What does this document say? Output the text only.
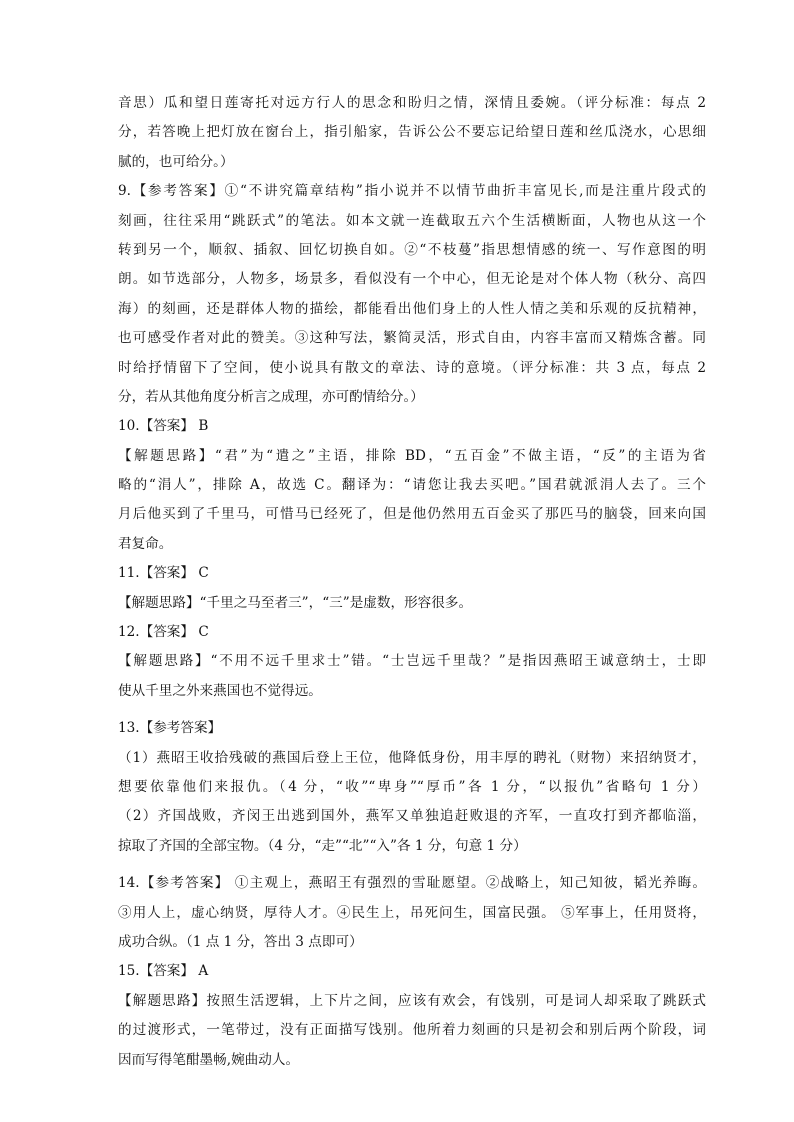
音思）瓜和望日莲寄托对远方行人的思念和盼归之情，深情且委婉。（评分标准：每点 2
分，若答晚上把灯放在窗台上，指引船家，告诉公公不要忘记给望日莲和丝瓜浇水，心思细
腻的，也可给分。）
9.【参考答案】①“不讲究篇章结构”指小说并不以情节曲折丰富见长,而是注重片段式的
刻画，往往采用“跳跃式”的笔法。如本文就一连截取五六个生活横断面，人物也从这一个
转到另一个，顺叙、插叙、回忆切换自如。②“不枝蔓”指思想情感的统一、写作意图的明
朗。如节选部分，人物多，场景多，看似没有一个中心，但无论是对个体人物（秋分、高四
海）的刻画，还是群体人物的描绘，都能看出他们身上的人性人情之美和乐观的反抗精神，
也可感受作者对此的赞美。③这种写法，繁简灵活，形式自由，内容丰富而又精炼含蓄。同
时给抒情留下了空间，使小说具有散文的章法、诗的意境。（评分标准：共 3 点，每点 2
分，若从其他角度分析言之成理，亦可酌情给分。）
10.【答案】 B
【解题思路】“君”为“遣之”主语，排除 BD，“五百金”不做主语，“反”的主语为省
略的“涓人”，排除 A，故选 C。翻译为：“请您让我去买吧。”国君就派涓人去了。三个
月后他买到了千里马，可惜马已经死了，但是他仍然用五百金买了那匹马的脑袋，回来向国
君复命。
11.【答案】 C
【解题思路】“千里之马至者三”，“三”是虚数，形容很多。
12.【答案】 C
【解题思路】“不用不远千里求士”错。“士岂远千里哉？”是指因燕昭王诚意纳士，士即
使从千里之外来燕国也不觉得远。
13.【参考答案】
（1）燕昭王收拾残破的燕国后登上王位，他降低身份，用丰厚的聘礼（财物）来招纳贤才，
想要依靠他们来报仇。（4 分，“收”“卑身”“厚币”各 1 分，“以报仇”省略句 1 分）
（2）齐国战败，齐闵王出逃到国外，燕军又单独追赶败退的齐军，一直攻打到齐都临淄，
掠取了齐国的全部宝物。（4 分，“走”“北”“入”各 1 分，句意 1 分）
14.【参考答案】 ①主观上，燕昭王有强烈的雪耻愿望。②战略上，知己知彼，韬光养晦。
③用人上，虚心纳贤，厚待人才。④民生上，吊死问生，国富民强。 ⑤军事上，任用贤将，
成功合纵。（1 点 1 分，答出 3 点即可）
15.【答案】 A
【解题思路】按照生活逻辑，上下片之间，应该有欢会，有饯别，可是词人却采取了跳跃式
的过渡形式，一笔带过，没有正面描写饯别。他所着力刻画的只是初会和别后两个阶段，词
因而写得笔酣墨畅,婉曲动人。
